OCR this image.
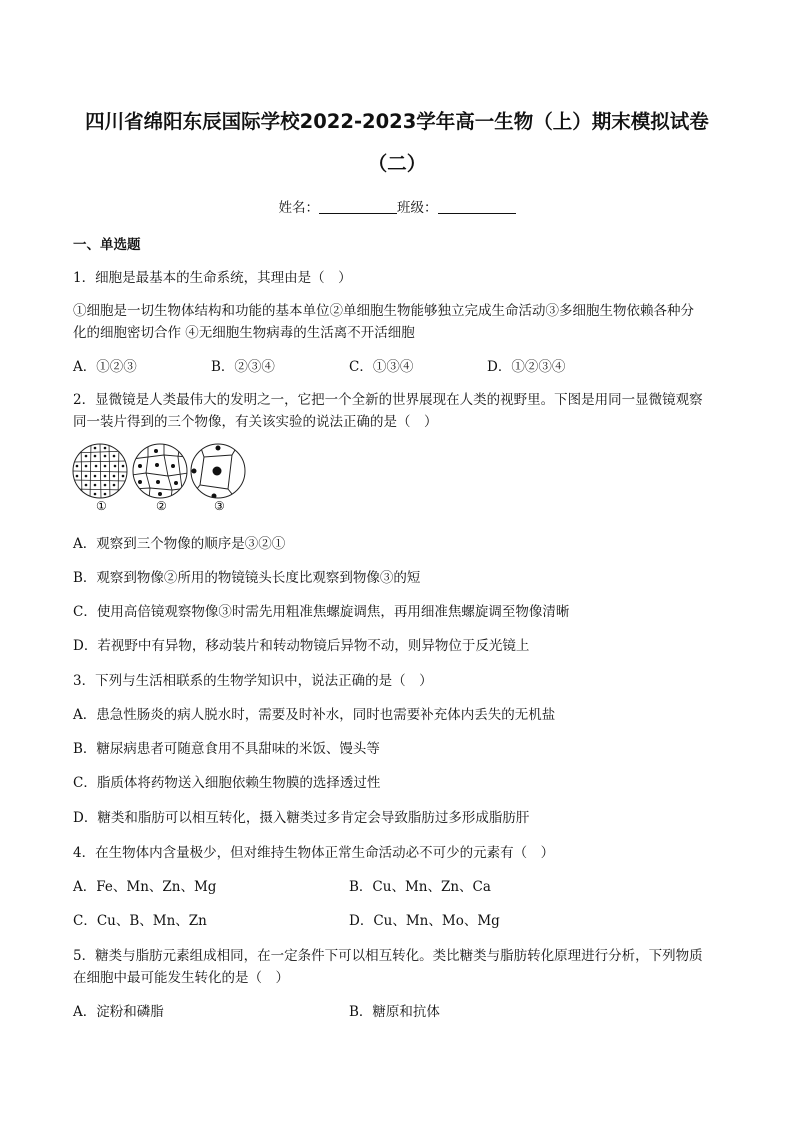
四川省绵阳东辰国际学校2022-2023学年高一生物（上）期末模拟试卷
（二）
姓名：	班级：
一、单选题
1．细胞是最基本的生命系统，其理由是（　）
①细胞是一切生物体结构和功能的基本单位②单细胞生物能够独立完成生命活动③多细胞生物依赖各种分
化的细胞密切合作 ④无细胞生物病毒的生活离不开活细胞
A．①②③	B．②③④	C．①③④	D．①②③④
2．显微镜是人类最伟大的发明之一，它把一个全新的世界展现在人类的视野里。下图是用同一显微镜观察
同一装片得到的三个物像，有关该实验的说法正确的是（　）
①	②	③
A．观察到三个物像的顺序是③②①
B．观察到物像②所用的物镜镜头长度比观察到物像③的短
C．使用高倍镜观察物像③时需先用粗准焦螺旋调焦，再用细准焦螺旋调至物像清晰
D．若视野中有异物，移动装片和转动物镜后异物不动，则异物位于反光镜上
3．下列与生活相联系的生物学知识中，说法正确的是（　）
A．患急性肠炎的病人脱水时，需要及时补水，同时也需要补充体内丢失的无机盐
B．糖尿病患者可随意食用不具甜味的米饭、馒头等
C．脂质体将药物送入细胞依赖生物膜的选择透过性
D．糖类和脂肪可以相互转化，摄入糖类过多肯定会导致脂肪过多形成脂肪肝
4．在生物体内含量极少，但对维持生物体正常生命活动必不可少的元素有（　）
A．Fe、Mn、Zn、Mg	B．Cu、Mn、Zn、Ca
C．Cu、B、Mn、Zn	D．Cu、Mn、Mo、Mg
5．糖类与脂肪元素组成相同，在一定条件下可以相互转化。类比糖类与脂肪转化原理进行分析，下列物质
在细胞中最可能发生转化的是（　）
A．淀粉和磷脂	B．糖原和抗体
